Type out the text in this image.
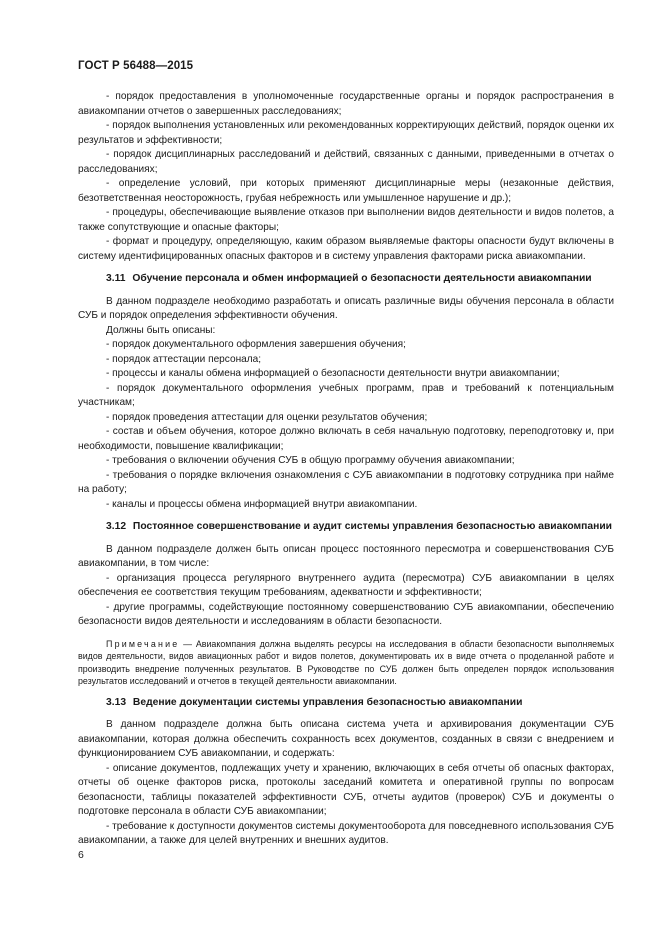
ГОСТ Р 56488—2015

- порядок предоставления в уполномоченные государственные органы и порядок распространения в авиакомпании отчетов о завершенных расследованиях;

- порядок выполнения установленных или рекомендованных корректирующих действий, порядок оценки их результатов и эффективности;

- порядок дисциплинарных расследований и действий, связанных с данными, приведенными в отчетах о расследованиях;

- определение условий, при которых применяют дисциплинарные меры (незаконные действия, безответственная неосторожность, грубая небрежность или умышленное нарушение и др.);

- процедуры, обеспечивающие выявление отказов при выполнении видов деятельности и видов полетов, а также сопутствующие и опасные факторы;

- формат и процедуру, определяющую, каким образом выявляемые факторы опасности будут включены в систему идентифицированных опасных факторов и в систему управления факторами риска авиакомпании.

3.11 Обучение персонала и обмен информацией о безопасности деятельности авиакомпании

В данном подразделе необходимо разработать и описать различные виды обучения персонала в области СУБ и порядок определения эффективности обучения.

Должны быть описаны:

- порядок документального оформления завершения обучения;

- порядок аттестации персонала;

- процессы и каналы обмена информацией о безопасности деятельности внутри авиакомпании;

- порядок документального оформления учебных программ, прав и требований к потенциальным участникам;

- порядок проведения аттестации для оценки результатов обучения;

- состав и объем обучения, которое должно включать в себя начальную подготовку, переподготовку и, при необходимости, повышение квалификации;

- требования о включении обучения СУБ в общую программу обучения авиакомпании;

- требования о порядке включения ознакомления с СУБ авиакомпании в подготовку сотрудника при найме на работу;

- каналы и процессы обмена информацией внутри авиакомпании.

3.12 Постоянное совершенствование и аудит системы управления безопасностью авиакомпании

В данном подразделе должен быть описан процесс постоянного пересмотра и совершенствования СУБ авиакомпании, в том числе:

- организация процесса регулярного внутреннего аудита (пересмотра) СУБ авиакомпании в целях обеспечения ее соответствия текущим требованиям, адекватности и эффективности;

- другие программы, содействующие постоянному совершенствованию СУБ авиакомпании, обеспечению безопасности видов деятельности и исследованиям в области безопасности.

Примечание — Авиакомпания должна выделять ресурсы на исследования в области безопасности выполняемых видов деятельности, видов авиационных работ и видов полетов, документировать их в виде отчета о проделанной работе и производить внедрение полученных результатов. В Руководстве по СУБ должен быть определен порядок использования результатов исследований и отчетов в текущей деятельности авиакомпании.

3.13 Ведение документации системы управления безопасностью авиакомпании

В данном подразделе должна быть описана система учета и архивирования документации СУБ авиакомпании, которая должна обеспечить сохранность всех документов, созданных в связи с внедрением и функционированием СУБ авиакомпании, и содержать:

- описание документов, подлежащих учету и хранению, включающих в себя отчеты об опасных факторах, отчеты об оценке факторов риска, протоколы заседаний комитета и оперативной группы по вопросам безопасности, таблицы показателей эффективности СУБ, отчеты аудитов (проверок) СУБ и документы о подготовке персонала в области СУБ авиакомпании;

- требование к доступности документов системы документооборота для повседневного использования СУБ авиакомпании, а также для целей внутренних и внешних аудитов.

6
